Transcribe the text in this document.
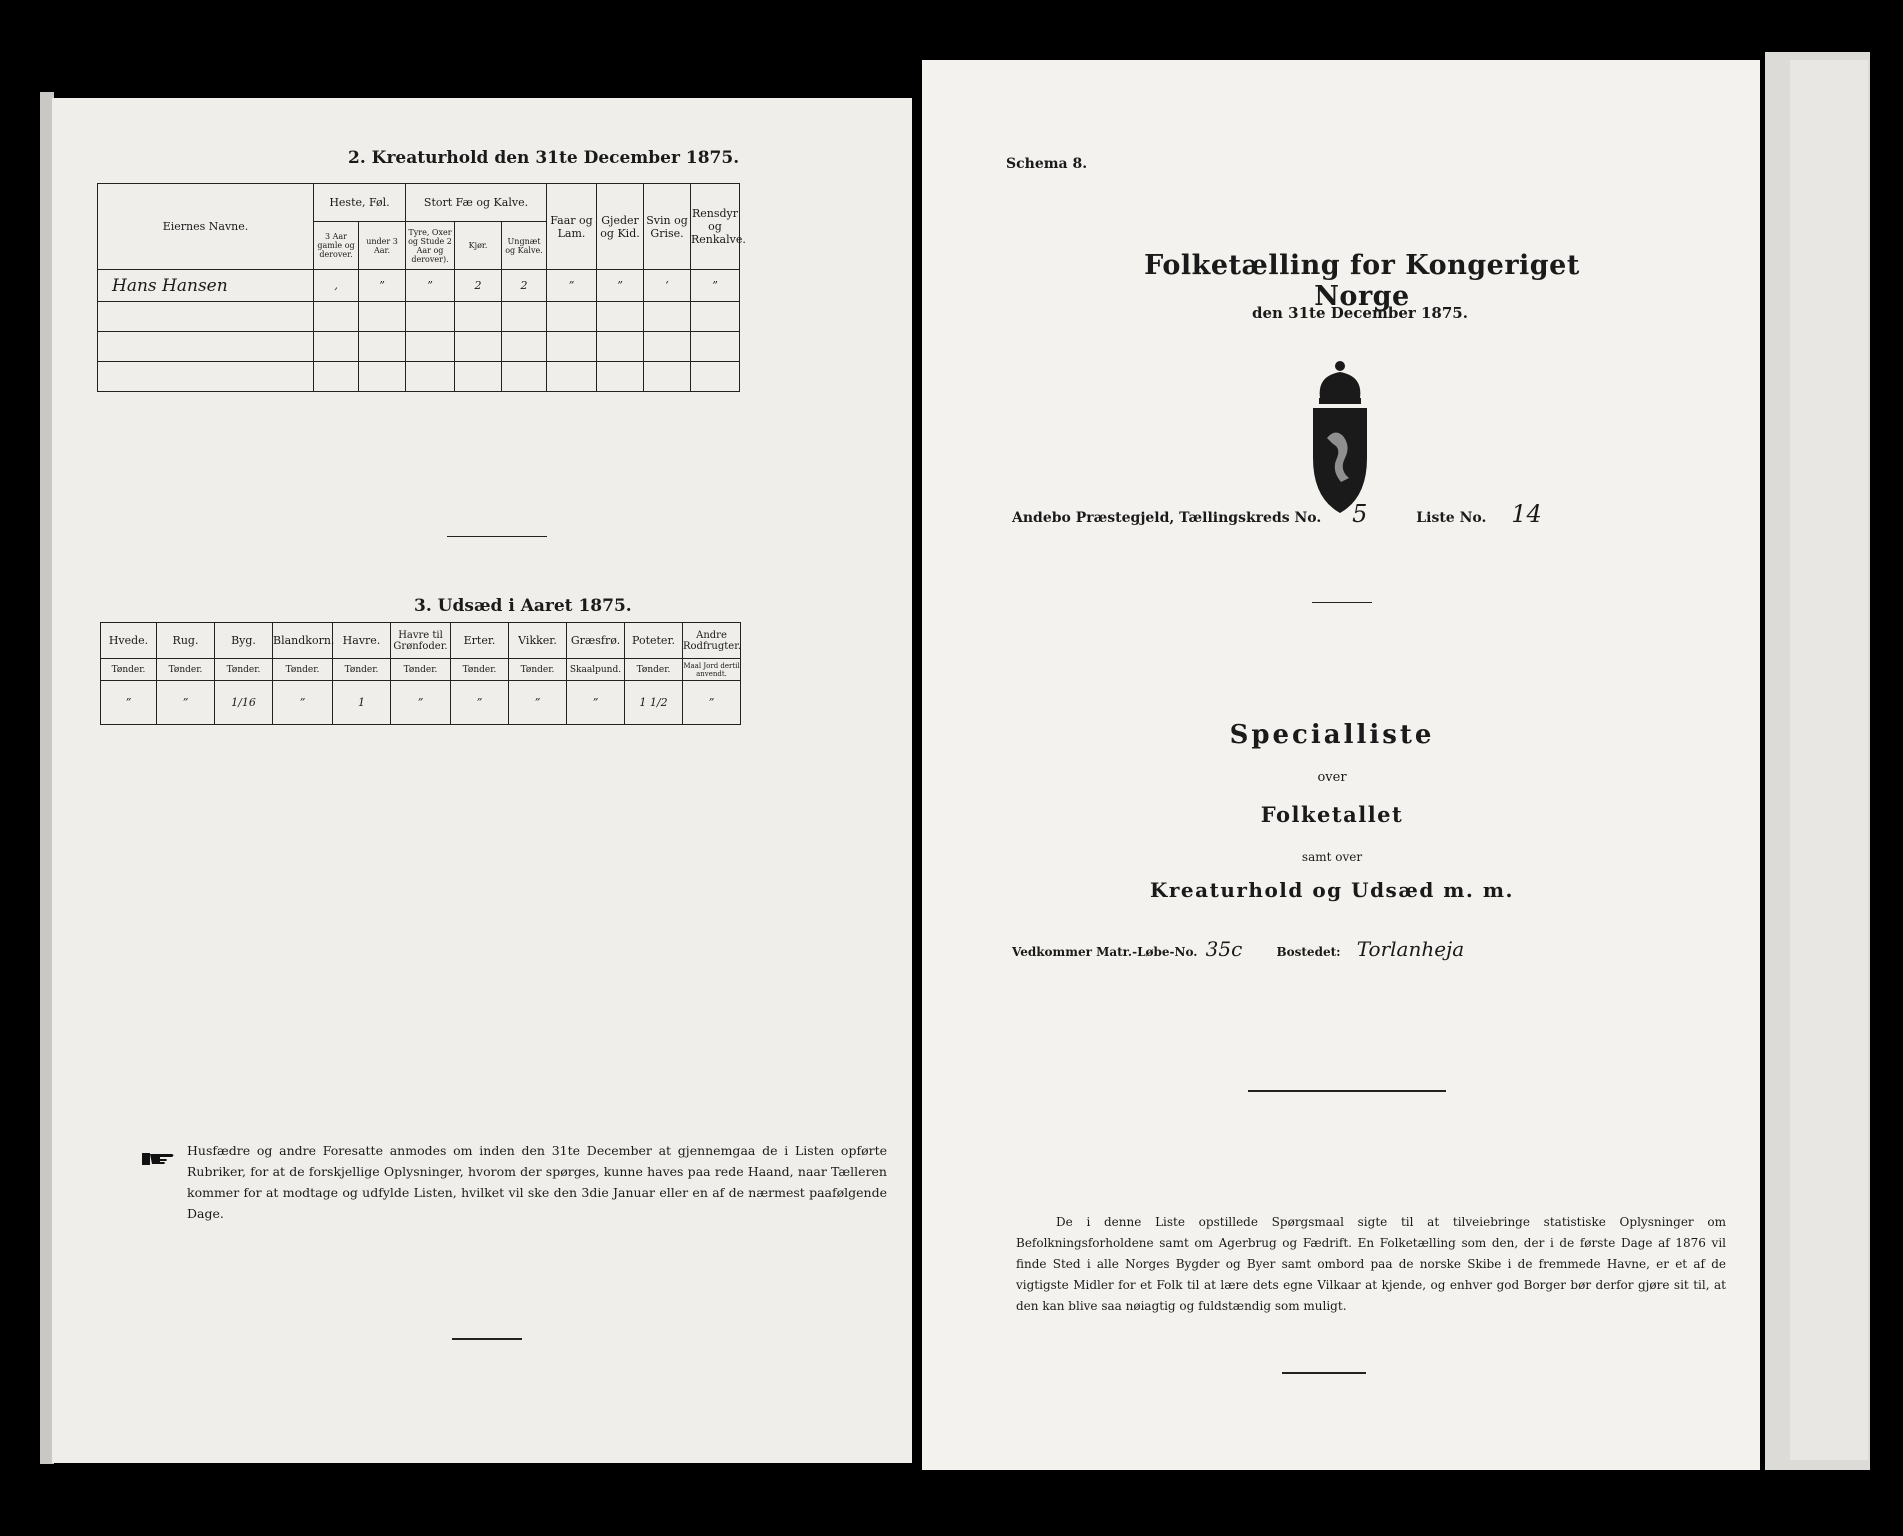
2. Kreaturhold den 31te December 1875.
Eiernes Navne.	Heste, Føl.		Stort Fæ og Kalve.			Faar og Lam.	Gjeder og Kid.	Svin og Grise.	Rensdyr og Renkalve.
	3 Aar gamle og derover.	under 3 Aar.	Tyre, Oxer og Stude 2 Aar og derover).	Kjør.	Ungnæt og Kalve.				
Hans Hansen	‚	”	”	2	2	”	”	‘	”

3. Udsæd i Aaret 1875.
Hvede.	Rug.	Byg.	Blandkorn.	Havre.	Havre til Grønfoder.	Erter.	Vikker.	Græsfrø.	Poteter.	Andre Rodfrugter.
Tønder.	Tønder.	Tønder.	Tønder.	Tønder.	Tønder.	Tønder.	Tønder.	Skaalpund.	Tønder.	Maal Jord dertil anvendt.
”	”	1/16	”	1	”	”	”	”	1 1/2	”
Husfædre og andre Foresatte anmodes om inden den 31te December at gjennemgaa de i Listen opførte Rubriker, for at de forskjellige Oplysninger, hvorom der spørges, kunne haves paa rede Haand, naar Tælleren kommer for at modtage og udfylde Listen, hvilket vil ske den 3die Januar eller en af de nærmest paafølgende Dage.
Schema 8.
Folketælling for Kongeriget Norge
den 31te December 1875.
Andebo Præstegjeld, Tællingskreds No. 5	Liste No. 14
Specialliste
over
Folketallet
samt over
Kreaturhold og Udsæd m. m.
Vedkommer Matr.-Løbe-No. 35c	Bostedet: Torlanheja
De i denne Liste opstillede Spørgsmaal sigte til at tilveiebringe statistiske Oplysninger om Befolkningsforholdene samt om Agerbrug og Fædrift. En Folketælling som den, der i de første Dage af 1876 vil finde Sted i alle Norges Bygder og Byer samt ombord paa de norske Skibe i de fremmede Havne, er et af de vigtigste Midler for et Folk til at lære dets egne Vilkaar at kjende, og enhver god Borger bør derfor gjøre sit til, at den kan blive saa nøiagtig og fuldstændig som muligt.
